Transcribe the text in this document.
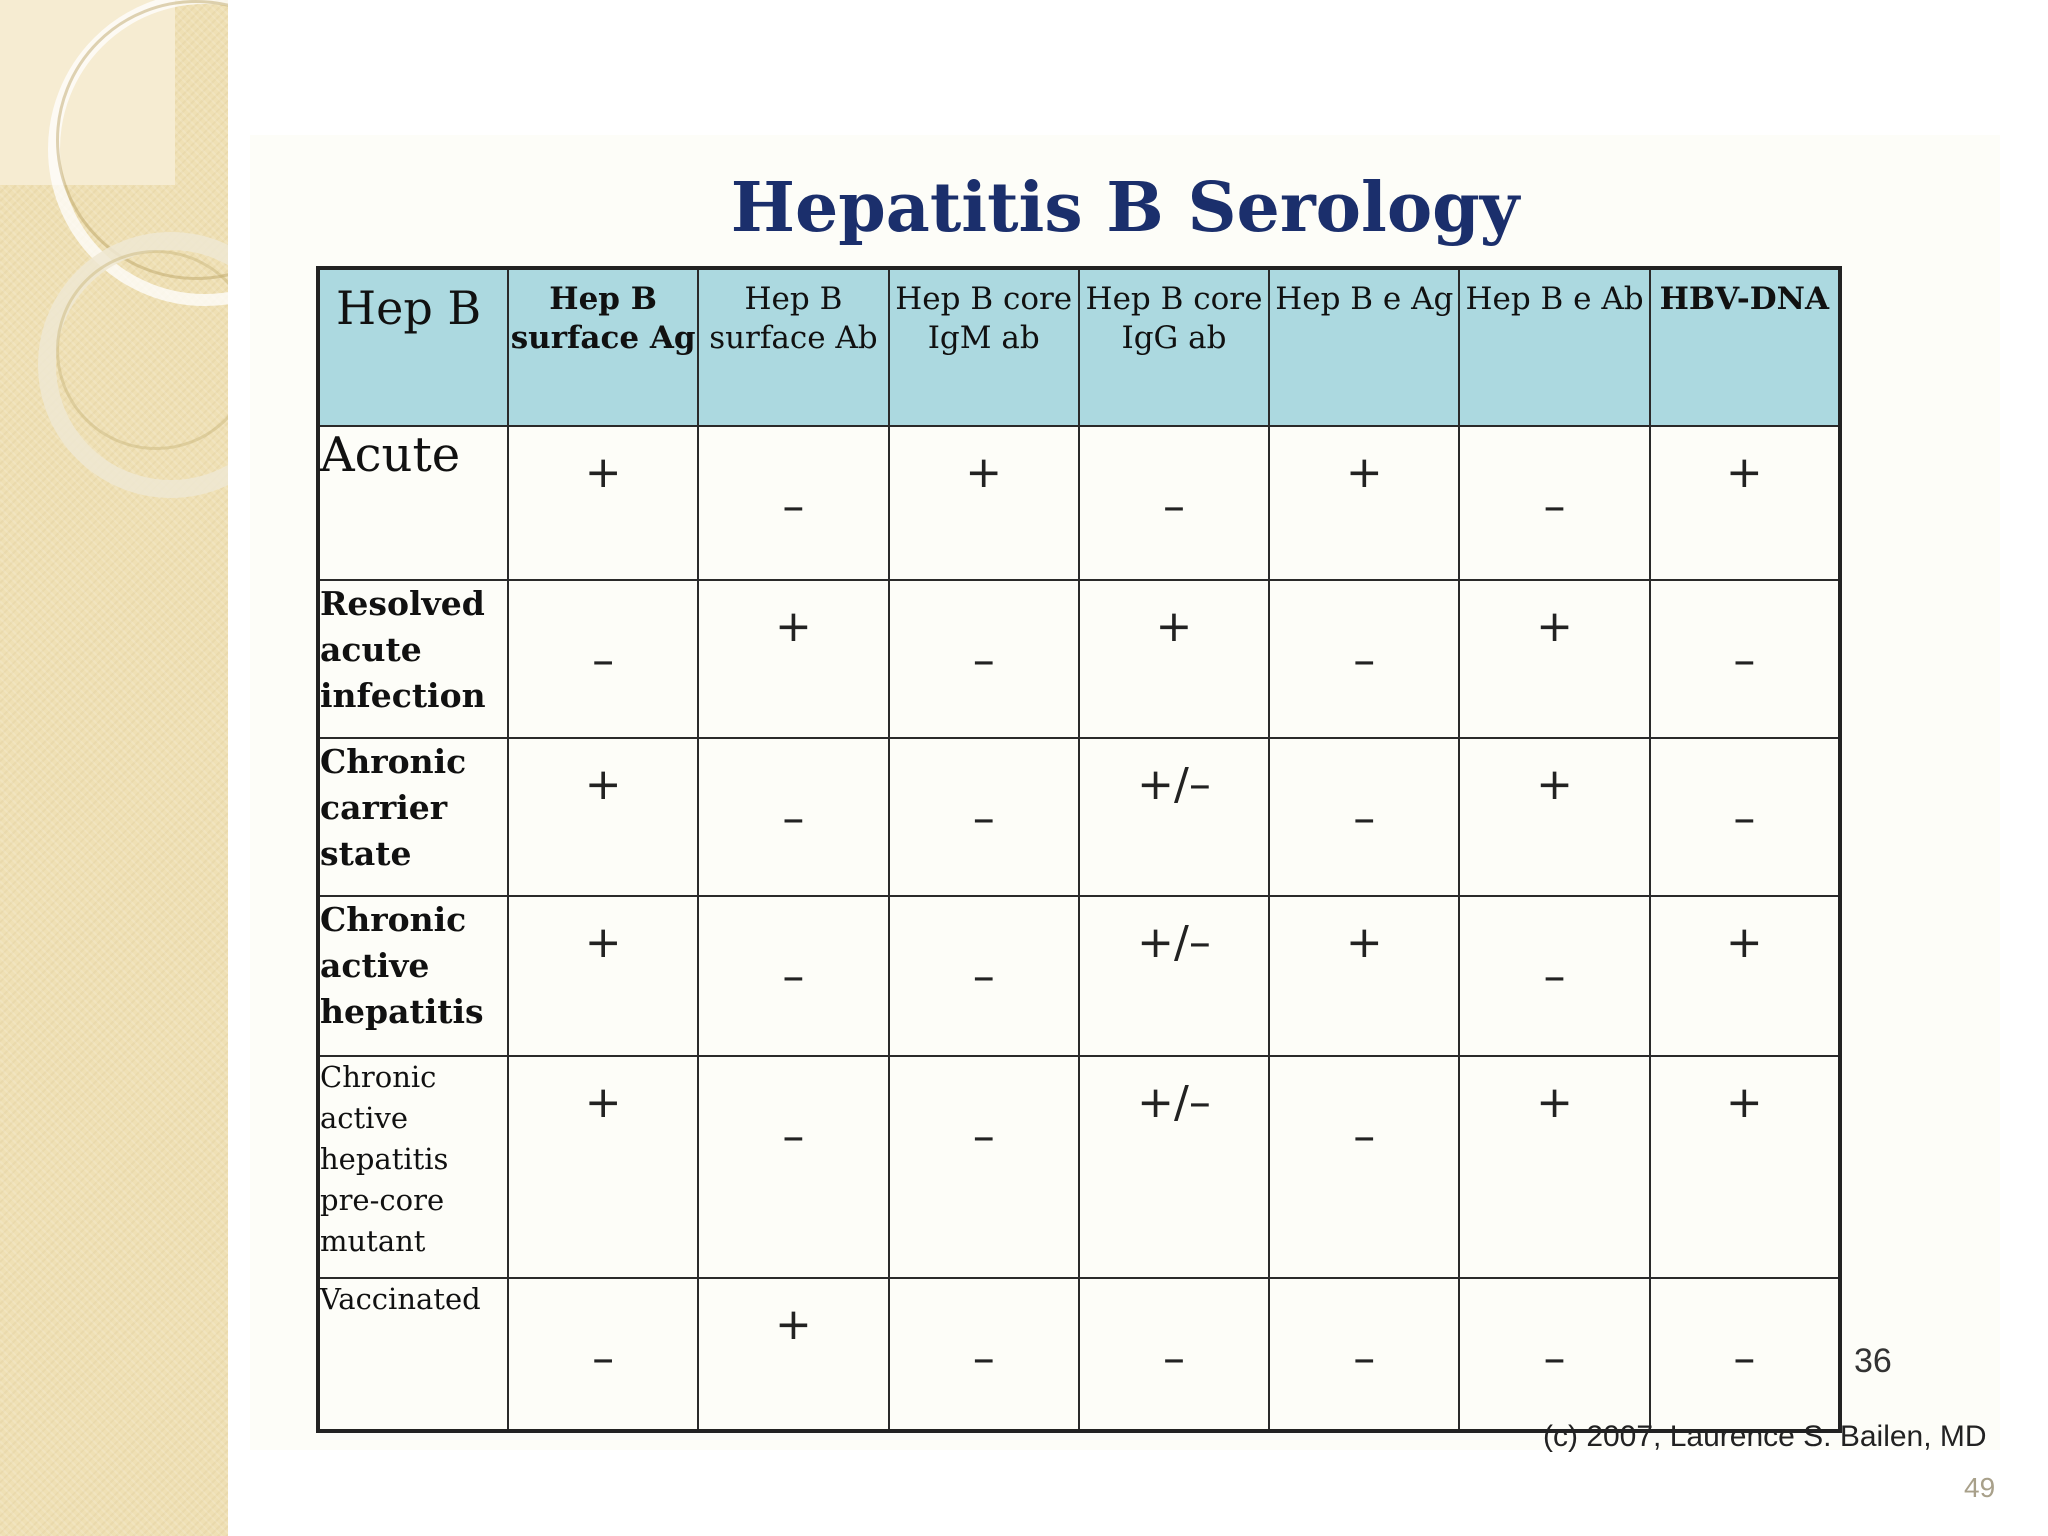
Hepatitis B Serology
Hep B	Hep B surface Ag	Hep B surface Ab	Hep B core IgM ab	Hep B core IgG ab	Hep B e Ag	Hep B e Ab	HBV-DNA
Acute	+	–	+	–	+	–	+

Resolved acute infection	–	+	–	+	–	+	–

Chronic carrier state	+	–	–	+/–	–	+	–

Chronic active hepatitis	+	–	–	+/–	+	–	+

Chronic active hepatitis pre-core mutant	+	–	–	+/–	–	+	+

Vaccinated	–	+	–	–	–	–	–	36
(c) 2007, Laurence S. Bailen, MD
49
